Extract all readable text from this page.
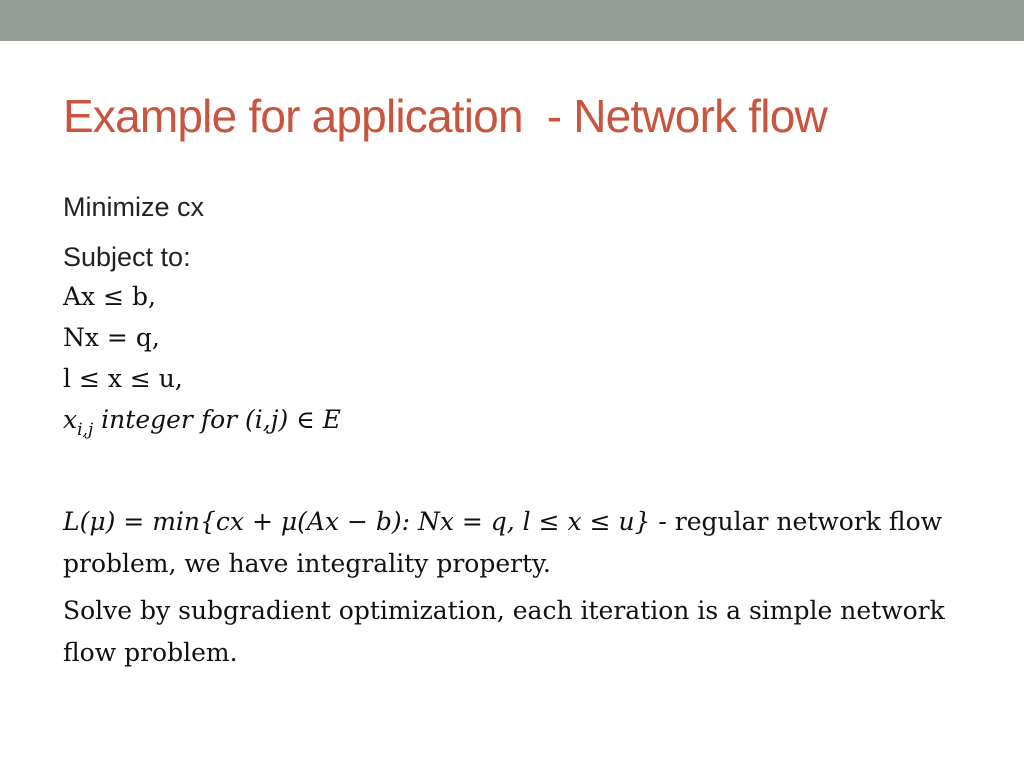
Example for application  - Network flow
Minimize cx
Subject to:
Ax ≤ b,
Nx = q,
l ≤ x ≤ u,
$x_{i,j}$ integer for (i,j) ∈ E
L(μ) = min{cx + μ(Ax − b): Nx = q, l ≤ x ≤ u} - regular network flow problem, we have integrality property.
Solve by subgradient optimization, each iteration is a simple network flow problem.
